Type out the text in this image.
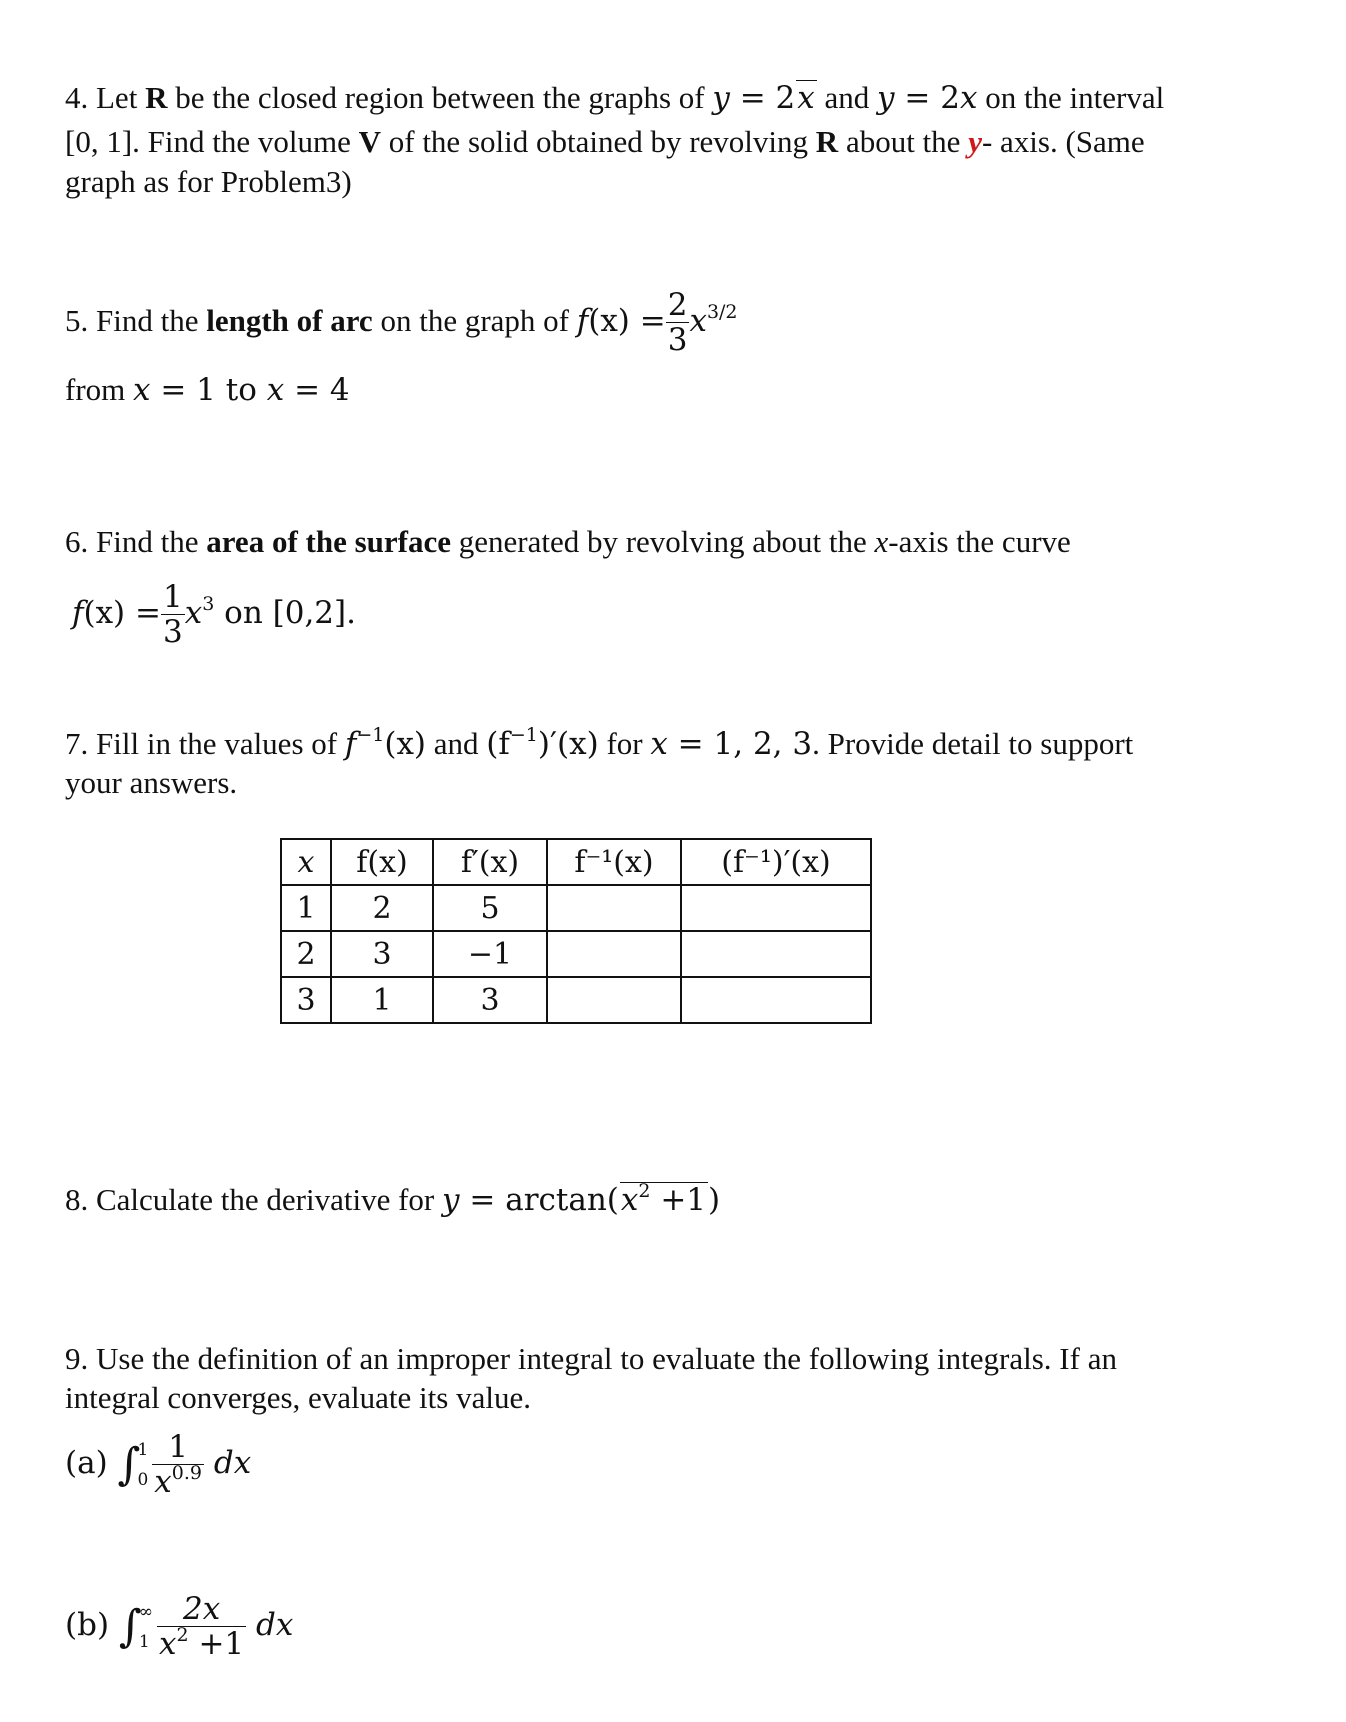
4. Let R be the closed region between the graphs of y = 2x and y = 2x on the interval
[0, 1]. Find the volume V of the solid obtained by revolving R about the y- axis. (Same
graph as for Problem3)
5. Find the length of arc on the graph of $f(x) = \frac{2}{3} x^{3/2}$
from x = 1 to x = 4
6. Find the area of the surface generated by revolving about the x-axis the curve
$f(x) = \frac{1}{3} x^3$ on [0,2].
7. Fill in the values of $f^{-1}(x)$ and $(f^{-1})'(x)$ for x = 1, 2, 3. Provide detail to support
your answers.
x	f(x)	f′(x)	f⁻¹(x)	(f⁻¹)′(x)
1	2	5		
2	3	−1		
3	1	3		
8. Calculate the derivative for $y = \arctan(x^2 +1)$
9. Use the definition of an improper integral to evaluate the following integrals. If an
integral converges, evaluate its value.
(a) ∫
1
$0 \frac{1}{x^{0.9}}$ dx
(b) ∫
∞
$1 \frac{2x}{x^2 +1}$ dx
